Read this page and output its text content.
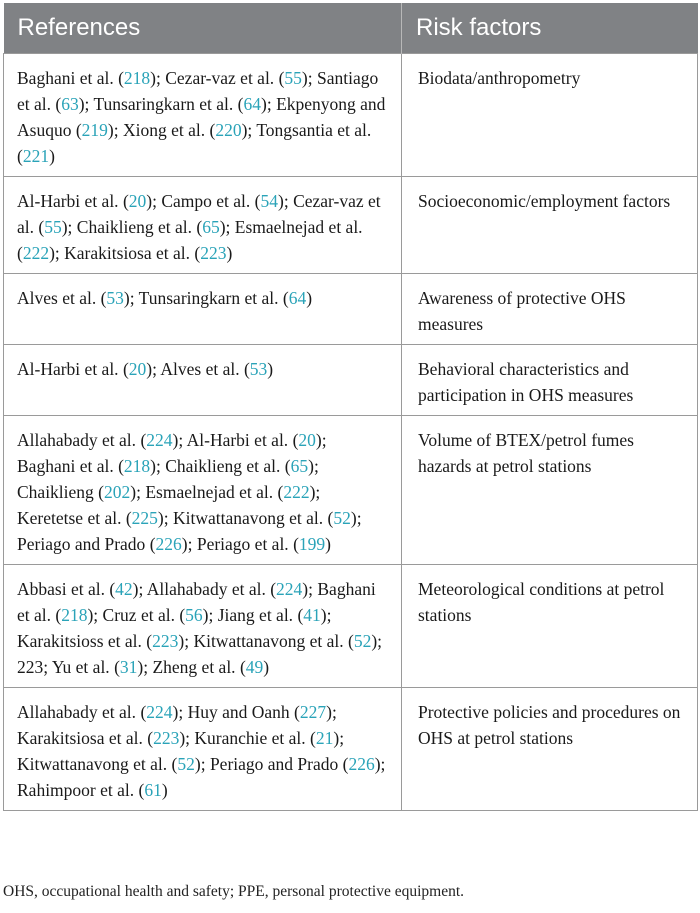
References	Risk factors
Baghani et al. (218); Cezar-vaz et al. (55); Santiago et al. (63); Tunsaringkarn et al. (64); Ekpenyong and Asuquo (219); Xiong et al. (220); Tongsantia et al. (221)	Biodata/anthropometry
Al-Harbi et al. (20); Campo et al. (54); Cezar-vaz et al. (55); Chaiklieng et al. (65); Esmaelnejad et al. (222); Karakitsiosa et al. (223)	Socioeconomic/employment factors
Alves et al. (53); Tunsaringkarn et al. (64)	Awareness of protective OHS measures
Al-Harbi et al. (20); Alves et al. (53)	Behavioral characteristics and participation in OHS measures
Allahabady et al. (224); Al-Harbi et al. (20); Baghani et al. (218); Chaiklieng et al. (65); Chaiklieng (202); Esmaelnejad et al. (222); Keretetse et al. (225); Kitwattanavong et al. (52); Periago and Prado (226); Periago et al. (199)	Volume of BTEX/petrol fumes hazards at petrol stations
Abbasi et al. (42); Allahabady et al. (224); Baghani et al. (218); Cruz et al. (56); Jiang et al. (41); Karakitsioss et al. (223); Kitwattanavong et al. (52); 223; Yu et al. (31); Zheng et al. (49)	Meteorological conditions at petrol stations
Allahabady et al. (224); Huy and Oanh (227); Karakitsiosa et al. (223); Kuranchie et al. (21); Kitwattanavong et al. (52); Periago and Prado (226); Rahimpoor et al. (61)	Protective policies and procedures on OHS at petrol stations
OHS, occupational health and safety; PPE, personal protective equipment.
